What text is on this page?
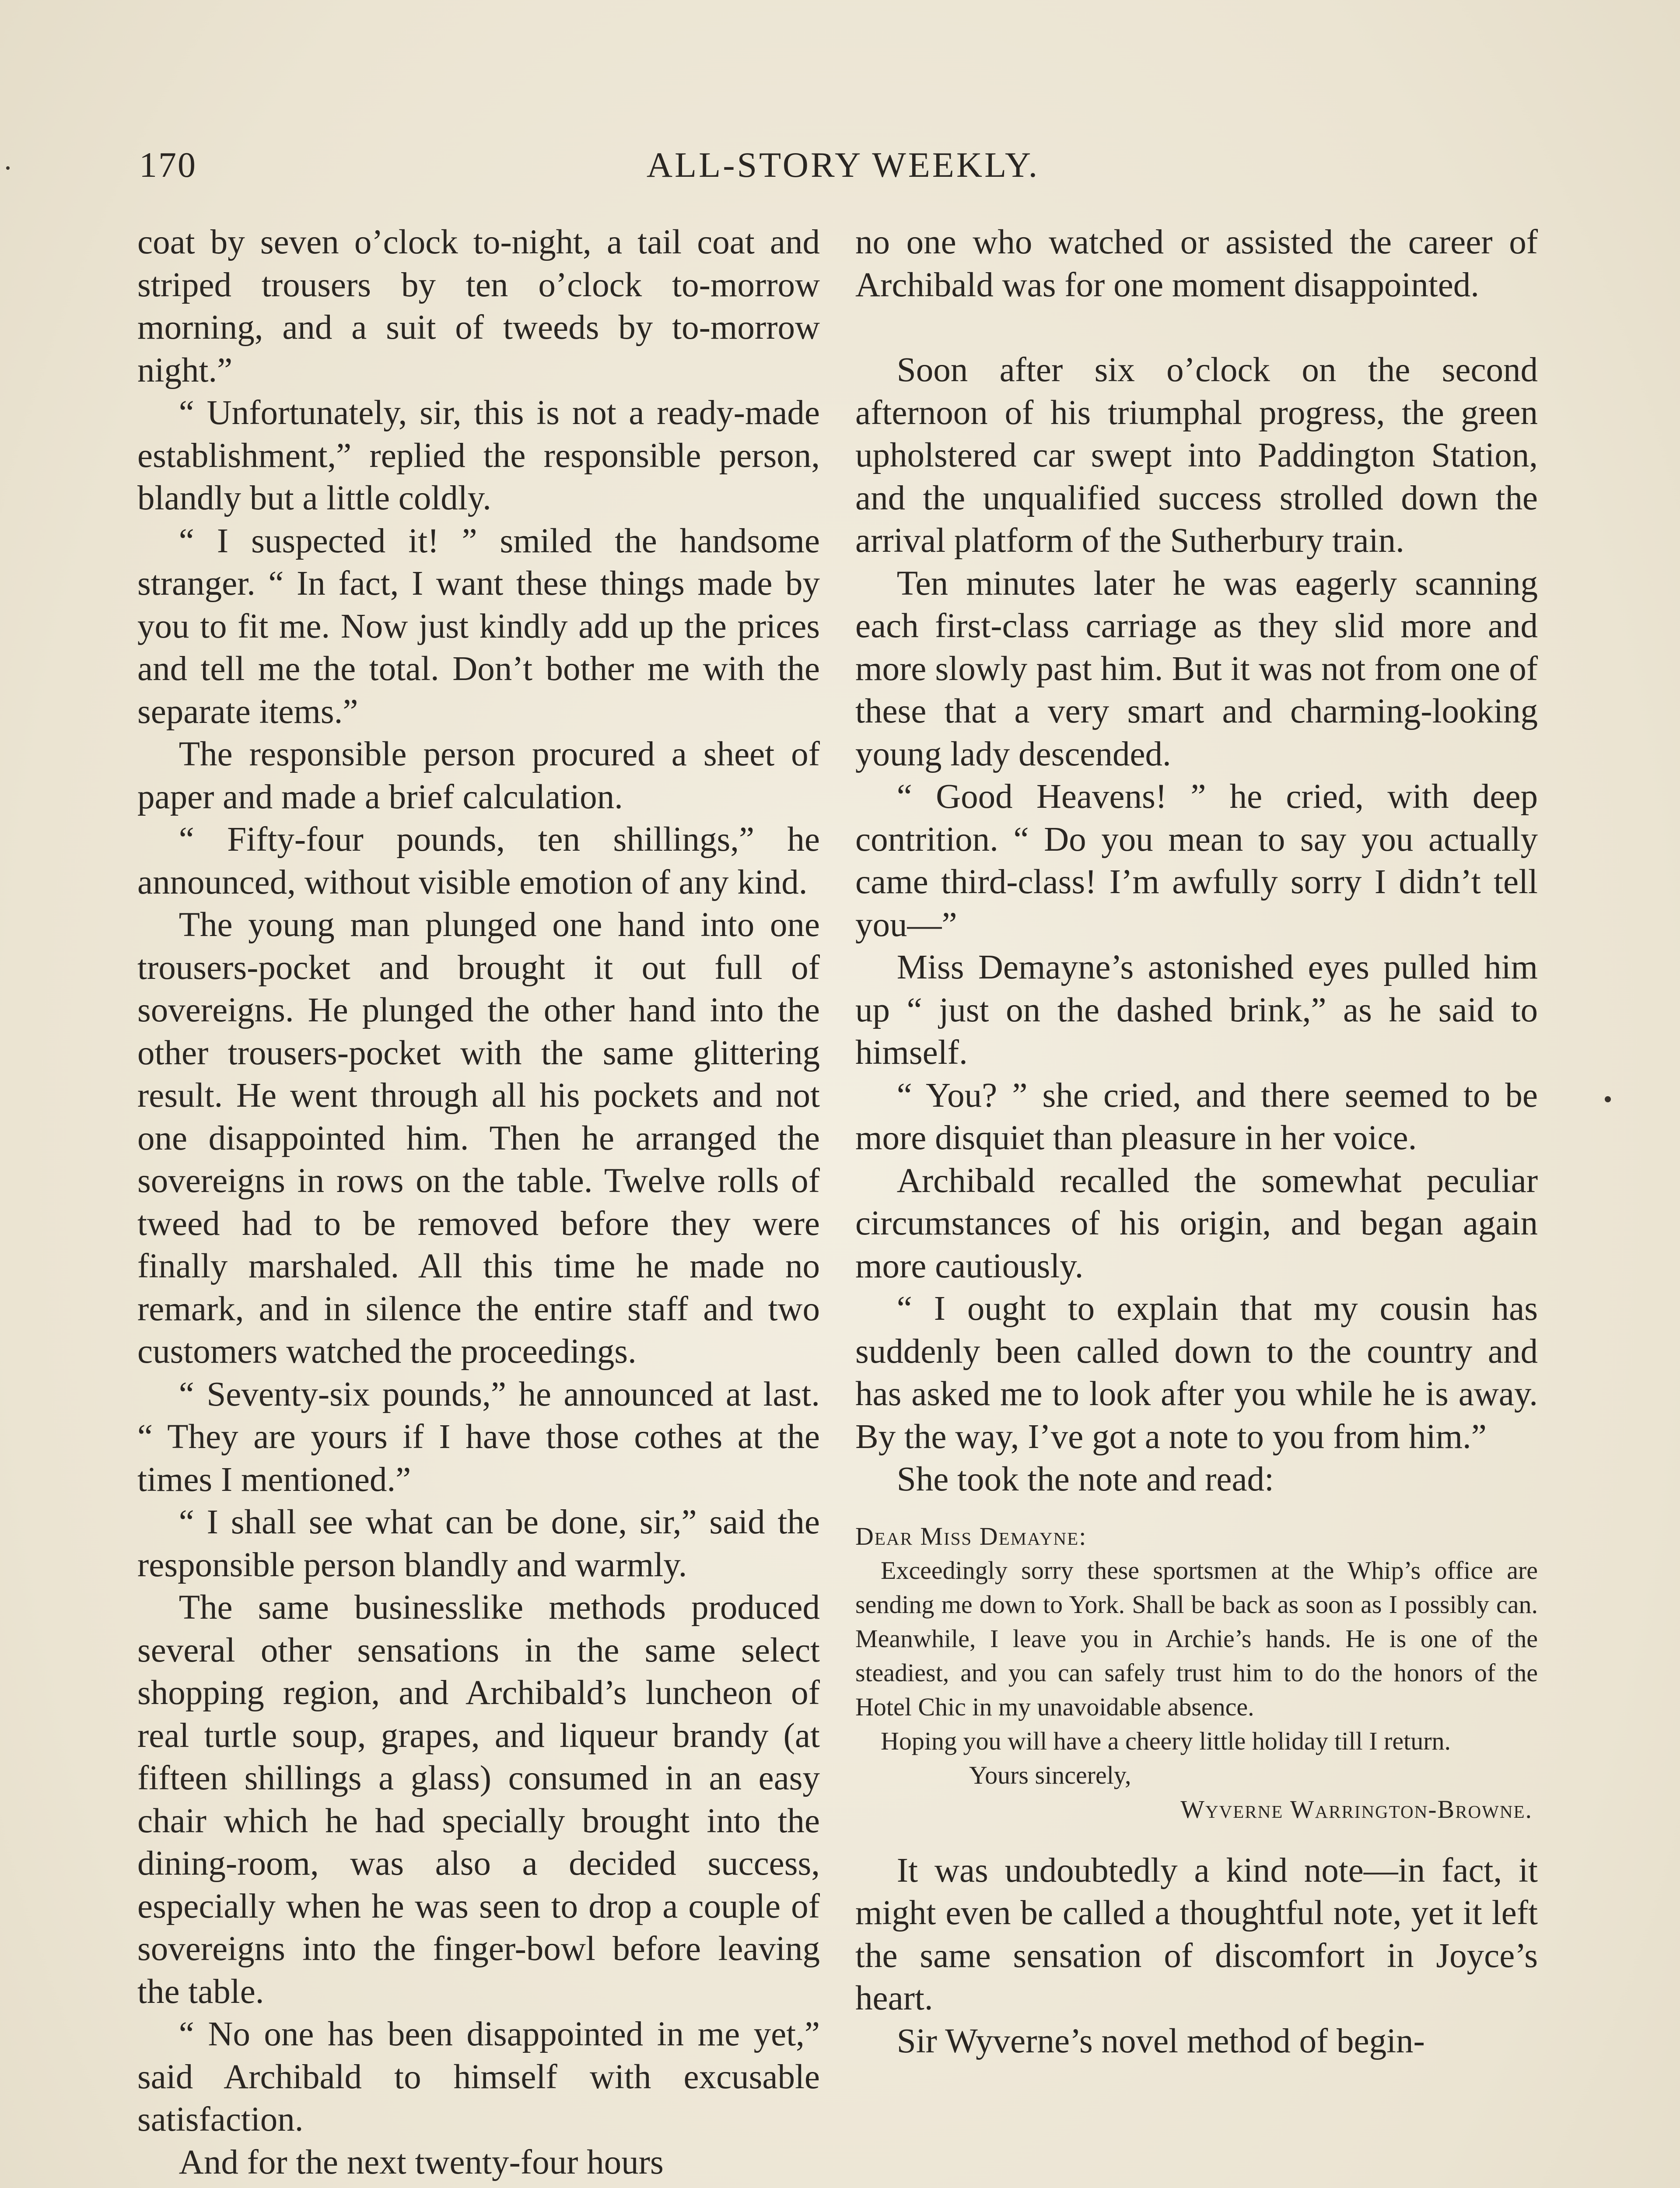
170	ALL-STORY WEEKLY.

coat by seven o’clock to-night, a tail coat and striped trousers by ten o’clock to-morrow morning, and a suit of tweeds by to-morrow night.”

“ Unfortunately, sir, this is not a ready-made establishment,” replied the responsible person, blandly but a little coldly.

“ I suspected it! ” smiled the handsome stranger. “ In fact, I want these things made by you to fit me. Now just kindly add up the prices and tell me the total. Don’t bother me with the separate items.”

The responsible person procured a sheet of paper and made a brief calculation.

“ Fifty-four pounds, ten shillings,” he announced, without visible emotion of any kind.

The young man plunged one hand into one trousers-pocket and brought it out full of sovereigns. He plunged the other hand into the other trousers-pocket with the same glittering result. He went through all his pockets and not one disappointed him. Then he arranged the sovereigns in rows on the table. Twelve rolls of tweed had to be removed before they were finally marshaled. All this time he made no remark, and in silence the entire staff and two customers watched the proceedings.

“ Seventy-six pounds,” he announced at last. “ They are yours if I have those cothes at the times I mentioned.”

“ I shall see what can be done, sir,” said the responsible person blandly and warmly.

The same businesslike methods produced several other sensations in the same select shopping region, and Archibald’s luncheon of real turtle soup, grapes, and liqueur brandy (at fifteen shillings a glass) consumed in an easy chair which he had specially brought into the dining-room, was also a decided success, especially when he was seen to drop a couple of sovereigns into the finger-bowl before leaving the table.

“ No one has been disappointed in me yet,” said Archibald to himself with excusable satisfaction.

And for the next twenty-four hours

no one who watched or assisted the career of Archibald was for one moment disappointed.

Soon after six o’clock on the second afternoon of his triumphal progress, the green upholstered car swept into Paddington Station, and the unqualified success strolled down the arrival platform of the Sutherbury train.

Ten minutes later he was eagerly scanning each first-class carriage as they slid more and more slowly past him. But it was not from one of these that a very smart and charming-looking young lady descended.

“ Good Heavens! ” he cried, with deep contrition. “ Do you mean to say you actually came third-class! I’m awfully sorry I didn’t tell you—”

Miss Demayne’s astonished eyes pulled him up “ just on the dashed brink,” as he said to himself.

“ You? ” she cried, and there seemed to be more disquiet than pleasure in her voice.

Archibald recalled the somewhat peculiar circumstances of his origin, and began again more cautiously.

“ I ought to explain that my cousin has suddenly been called down to the country and has asked me to look after you while he is away. By the way, I’ve got a note to you from him.”

She took the note and read:

Dear Miss Demayne:

Exceedingly sorry these sportsmen at the Whip’s office are sending me down to York. Shall be back as soon as I possibly can. Meanwhile, I leave you in Archie’s hands. He is one of the steadiest, and you can safely trust him to do the honors of the Hotel Chic in my unavoidable absence.

Hoping you will have a cheery little holiday till I return.

Yours sincerely,

Wyverne Warrington-Browne.

It was undoubtedly a kind note—in fact, it might even be called a thoughtful note, yet it left the same sensation of discomfort in Joyce’s heart.

Sir Wyverne’s novel method of begin-
